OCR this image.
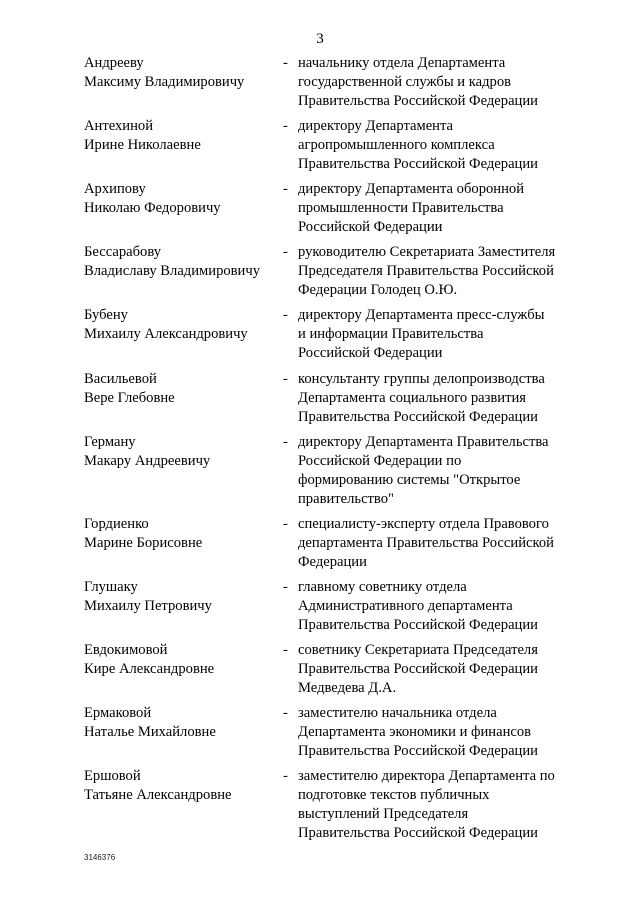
3
Андрееву
Максиму Владимировичу
- начальнику отдела Департамента
государственной службы и кадров
Правительства Российской Федерации
Антехиной
Ирине Николаевне
- директору Департамента
агропромышленного комплекса
Правительства Российской Федерации
Архипову
Николаю Федоровичу
- директору Департамента оборонной
промышленности Правительства
Российской Федерации
Бессарабову
Владиславу Владимировичу
- руководителю Секретариата Заместителя
Председателя Правительства Российской
Федерации Голодец О.Ю.
Бубену
Михаилу Александровичу
- директору Департамента пресс-службы
и информации Правительства
Российской Федерации
Васильевой
Вере Глебовне
- консультанту группы делопроизводства
Департамента социального развития
Правительства Российской Федерации
Герману
Макару Андреевичу
- директору Департамента Правительства
Российской Федерации по
формированию системы "Открытое
правительство"
Гордиенко
Марине Борисовне
- специалисту-эксперту отдела Правового
департамента Правительства Российской
Федерации
Глушаку
Михаилу Петровичу
- главному советнику отдела
Административного департамента
Правительства Российской Федерации
Евдокимовой
Кире Александровне
- советнику Секретариата Председателя
Правительства Российской Федерации
Медведева Д.А.
Ермаковой
Наталье Михайловне
- заместителю начальника отдела
Департамента экономики и финансов
Правительства Российской Федерации
Ершовой
Татьяне Александровне
- заместителю директора Департамента по
подготовке текстов публичных
выступлений Председателя
Правительства Российской Федерации
3146376
